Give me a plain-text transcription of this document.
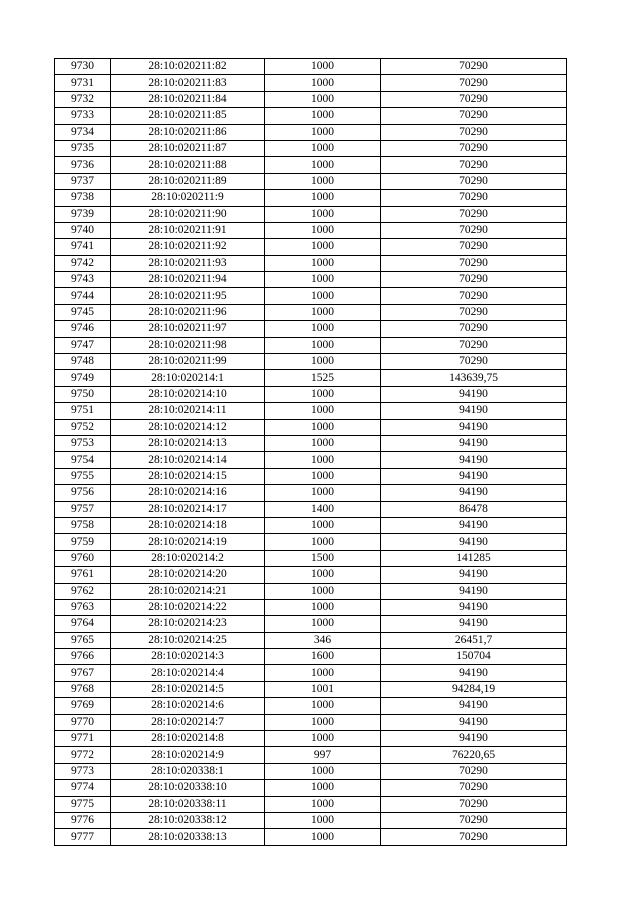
9730	28:10:020211:82	1000	70290
9731	28:10:020211:83	1000	70290
9732	28:10:020211:84	1000	70290
9733	28:10:020211:85	1000	70290
9734	28:10:020211:86	1000	70290
9735	28:10:020211:87	1000	70290
9736	28:10:020211:88	1000	70290
9737	28:10:020211:89	1000	70290
9738	28:10:020211:9	1000	70290
9739	28:10:020211:90	1000	70290
9740	28:10:020211:91	1000	70290
9741	28:10:020211:92	1000	70290
9742	28:10:020211:93	1000	70290
9743	28:10:020211:94	1000	70290
9744	28:10:020211:95	1000	70290
9745	28:10:020211:96	1000	70290
9746	28:10:020211:97	1000	70290
9747	28:10:020211:98	1000	70290
9748	28:10:020211:99	1000	70290
9749	28:10:020214:1	1525	143639,75
9750	28:10:020214:10	1000	94190
9751	28:10:020214:11	1000	94190
9752	28:10:020214:12	1000	94190
9753	28:10:020214:13	1000	94190
9754	28:10:020214:14	1000	94190
9755	28:10:020214:15	1000	94190
9756	28:10:020214:16	1000	94190
9757	28:10:020214:17	1400	86478
9758	28:10:020214:18	1000	94190
9759	28:10:020214:19	1000	94190
9760	28:10:020214:2	1500	141285
9761	28:10:020214:20	1000	94190
9762	28:10:020214:21	1000	94190
9763	28:10:020214:22	1000	94190
9764	28:10:020214:23	1000	94190
9765	28:10:020214:25	346	26451,7
9766	28:10:020214:3	1600	150704
9767	28:10:020214:4	1000	94190
9768	28:10:020214:5	1001	94284,19
9769	28:10:020214:6	1000	94190
9770	28:10:020214:7	1000	94190
9771	28:10:020214:8	1000	94190
9772	28:10:020214:9	997	76220,65
9773	28:10:020338:1	1000	70290
9774	28:10:020338:10	1000	70290
9775	28:10:020338:11	1000	70290
9776	28:10:020338:12	1000	70290
9777	28:10:020338:13	1000	70290
